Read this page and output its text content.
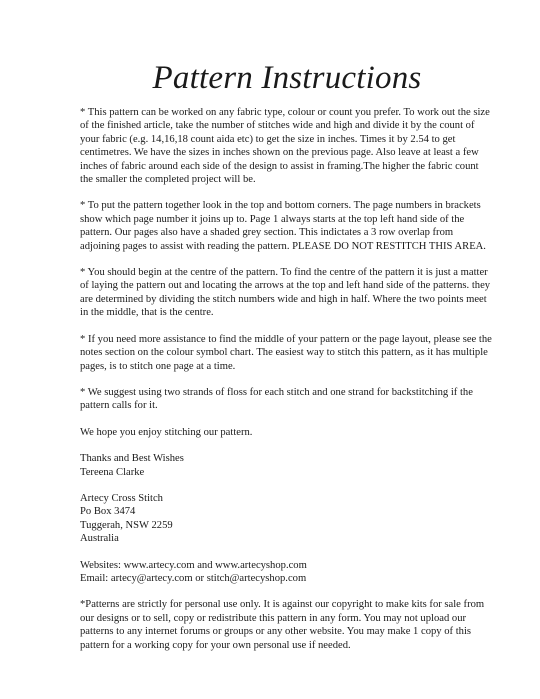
Pattern Instructions

* This pattern can be worked on any fabric type, colour or count you prefer. To work out the size of the finished article, take the number of stitches wide and high and divide it by the count of your fabric (e.g. 14,16,18 count aida etc) to get the size in inches. Times it by 2.54 to get centimetres. We have the sizes in inches shown on the previous page. Also leave at least a few inches of fabric around each side of the design to assist in framing.The higher the fabric count the smaller the completed project will be.

* To put the pattern together look in the top and bottom corners. The page numbers in brackets show which page number it joins up to. Page 1 always starts at the top left hand side of the pattern. Our pages also have a shaded grey section. This indictates a 3 row overlap from adjoining pages to assist with reading the pattern. PLEASE DO NOT RESTITCH THIS AREA.

* You should begin at the centre of the pattern. To find the centre of the pattern it is just a matter of laying the pattern out and locating the arrows at the top and left hand side of the patterns. they are determined by dividing the stitch numbers wide and high in half. Where the two points meet in the middle, that is the centre.

* If you need more assistance to find the middle of your pattern or the page layout, please see the notes section on the colour symbol chart. The easiest way to stitch this pattern, as it has multiple pages, is to stitch one page at a time.

* We suggest using two strands of floss for each stitch and one strand for backstitching if the pattern calls for it.

We hope you enjoy stitching our pattern.

Thanks and Best Wishes
Tereena Clarke
Artecy Cross Stitch
Po Box 3474
Tuggerah, NSW 2259
Australia
Websites: www.artecy.com and www.artecyshop.com
Email: artecy@artecy.com or stitch@artecyshop.com

*Patterns are strictly for personal use only. It is against our copyright to make kits for sale from our designs or to sell, copy or redistribute this pattern in any form. You may not upload our patterns to any internet forums or groups or any other website. You may make 1 copy of this pattern for a working copy for your own personal use if needed.
